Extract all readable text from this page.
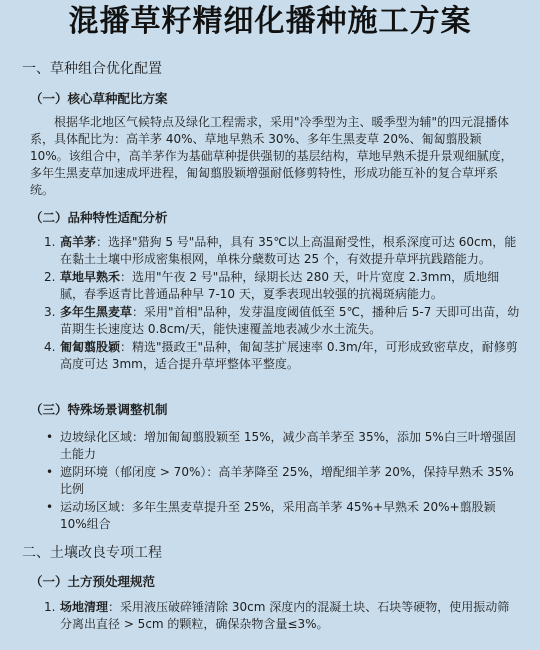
混播草籽精细化播种施工方案
一、草种组合优化配置
（一）核心草种配比方案

根据华北地区气候特点及绿化工程需求，采用"冷季型为主、暖季型为辅"的四元混播体系，具体配比为：高羊茅 40%、草地早熟禾 30%、多年生黑麦草 20%、匍匐翦股颖 10%。该组合中，高羊茅作为基础草种提供强韧的基层结构，草地早熟禾提升景观细腻度，多年生黑麦草加速成坪进程，匍匐翦股颖增强耐低修剪特性，形成功能互补的复合草坪系统。

（二）品种特性适配分析
1. 高羊茅：选择"猎狗 5 号"品种，具有 35℃以上高温耐受性，根系深度可达 60cm，能在黏土土壤中形成密集根网，单株分蘖数可达 25 个，有效提升草坪抗践踏能力。
2. 草地早熟禾：选用"午夜 2 号"品种，绿期长达 280 天，叶片宽度 2.3mm，质地细腻，春季返青比普通品种早 7-10 天，夏季表现出较强的抗褐斑病能力。
3. 多年生黑麦草：采用"首相"品种，发芽温度阈值低至 5℃，播种后 5-7 天即可出苗，幼苗期生长速度达 0.8cm/天，能快速覆盖地表减少水土流失。
4. 匍匐翦股颖：精选"摄政王"品种，匍匐茎扩展速率 0.3m/年，可形成致密草皮，耐修剪高度可达 3mm，适合提升草坪整体平整度。
（三）特殊场景调整机制
• 边坡绿化区域：增加匍匐翦股颖至 15%，减少高羊茅至 35%，添加 5%白三叶增强固土能力
• 遮阴环境（郁闭度 > 70%）：高羊茅降至 25%，增配细羊茅 20%，保持早熟禾 35%比例
• 运动场区域：多年生黑麦草提升至 25%，采用高羊茅 45%+早熟禾 20%+翦股颖 10%组合
二、土壤改良专项工程
（一）土方预处理规范
1. 场地清理：采用液压破碎锤清除 30cm 深度内的混凝土块、石块等硬物，使用振动筛分离出直径 > 5cm 的颗粒，确保杂物含量≤3%。
